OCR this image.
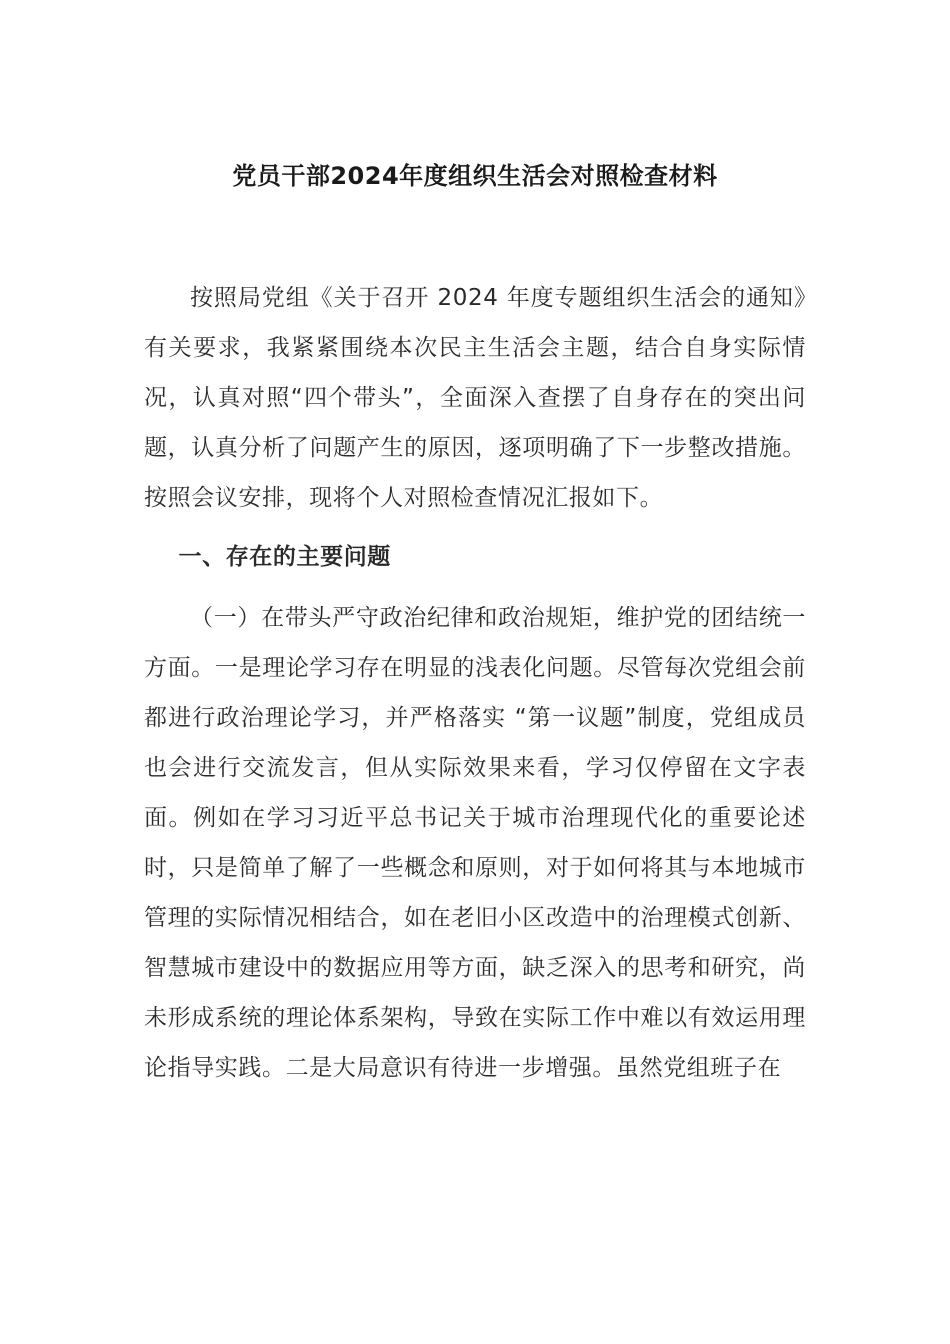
党员干部2024年度组织生活会对照检查材料

按照局党组《关于召开 2024 年度专题组织生活会的通知》有关要求，我紧紧围绕本次民主生活会主题，结合自身实际情况，认真对照“四个带头”，全面深入查摆了自身存在的突出问题，认真分析了问题产生的原因，逐项明确了下一步整改措施。按照会议安排，现将个人对照检查情况汇报如下。

一、存在的主要问题

（一）在带头严守政治纪律和政治规矩，维护党的团结统一方面。一是理论学习存在明显的浅表化问题。尽管每次党组会前都进行政治理论学习，并严格落实 “第一议题”制度，党组成员也会进行交流发言，但从实际效果来看，学习仅停留在文字表面。例如在学习习近平总书记关于城市治理现代化的重要论述时，只是简单了解了一些概念和原则，对于如何将其与本地城市管理的实际情况相结合，如在老旧小区改造中的治理模式创新、智慧城市建设中的数据应用等方面，缺乏深入的思考和研究，尚未形成系统的理论体系架构，导致在实际工作中难以有效运用理论指导实践。二是大局意识有待进一步增强。虽然党组班子在
